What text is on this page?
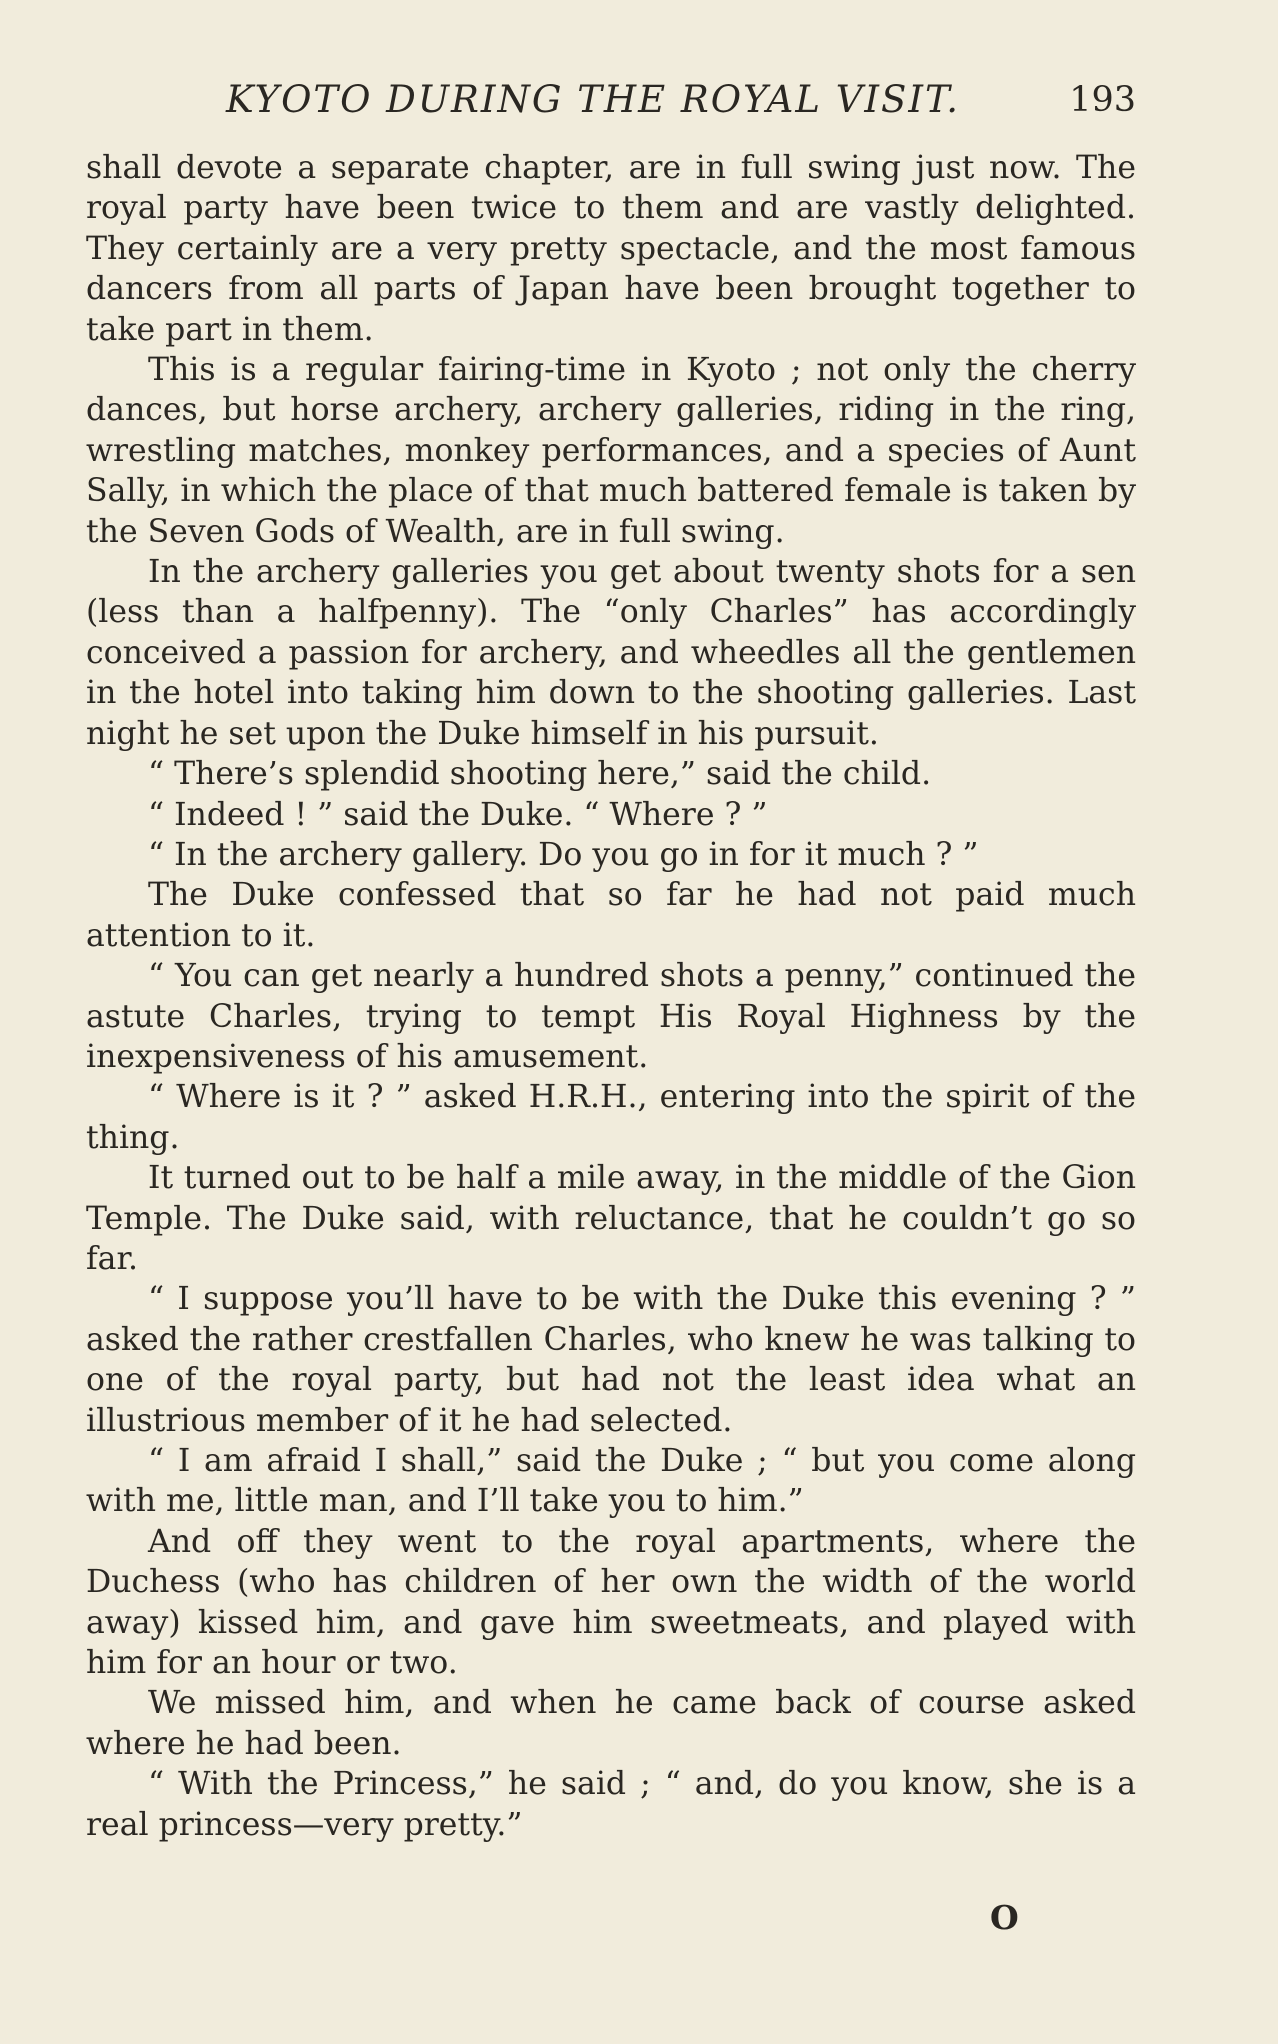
KYOTO DURING THE ROYAL VISIT.	193

shall devote a separate chapter, are in full swing just now. The royal party have been twice to them and are vastly delighted. They certainly are a very pretty spectacle, and the most famous dancers from all parts of Japan have been brought together to take part in them.

This is a regular fairing-time in Kyoto ; not only the cherry dances, but horse archery, archery galleries, riding in the ring, wrestling matches, monkey performances, and a species of Aunt Sally, in which the place of that much battered female is taken by the Seven Gods of Wealth, are in full swing.

In the archery galleries you get about twenty shots for a sen (less than a halfpenny). The “only Charles” has accordingly conceived a passion for archery, and wheedles all the gentlemen in the hotel into taking him down to the shooting galleries. Last night he set upon the Duke himself in his pursuit.

“ There’s splendid shooting here,” said the child.

“ Indeed ! ” said the Duke. “ Where ? ”

“ In the archery gallery. Do you go in for it much ? ”

The Duke confessed that so far he had not paid much attention to it.

“ You can get nearly a hundred shots a penny,” continued the astute Charles, trying to tempt His Royal Highness by the inexpensiveness of his amusement.

“ Where is it ? ” asked H.R.H., entering into the spirit of the thing.

It turned out to be half a mile away, in the middle of the Gion Temple. The Duke said, with reluctance, that he couldn’t go so far.

“ I suppose you’ll have to be with the Duke this evening ? ” asked the rather crestfallen Charles, who knew he was talking to one of the royal party, but had not the least idea what an illustrious member of it he had selected.

“ I am afraid I shall,” said the Duke ; “ but you come along with me, little man, and I’ll take you to him.”

And off they went to the royal apartments, where the Duchess (who has children of her own the width of the world away) kissed him, and gave him sweetmeats, and played with him for an hour or two.

We missed him, and when he came back of course asked where he had been.

“ With the Princess,” he said ; “ and, do you know, she is a real princess—very pretty.”

O
